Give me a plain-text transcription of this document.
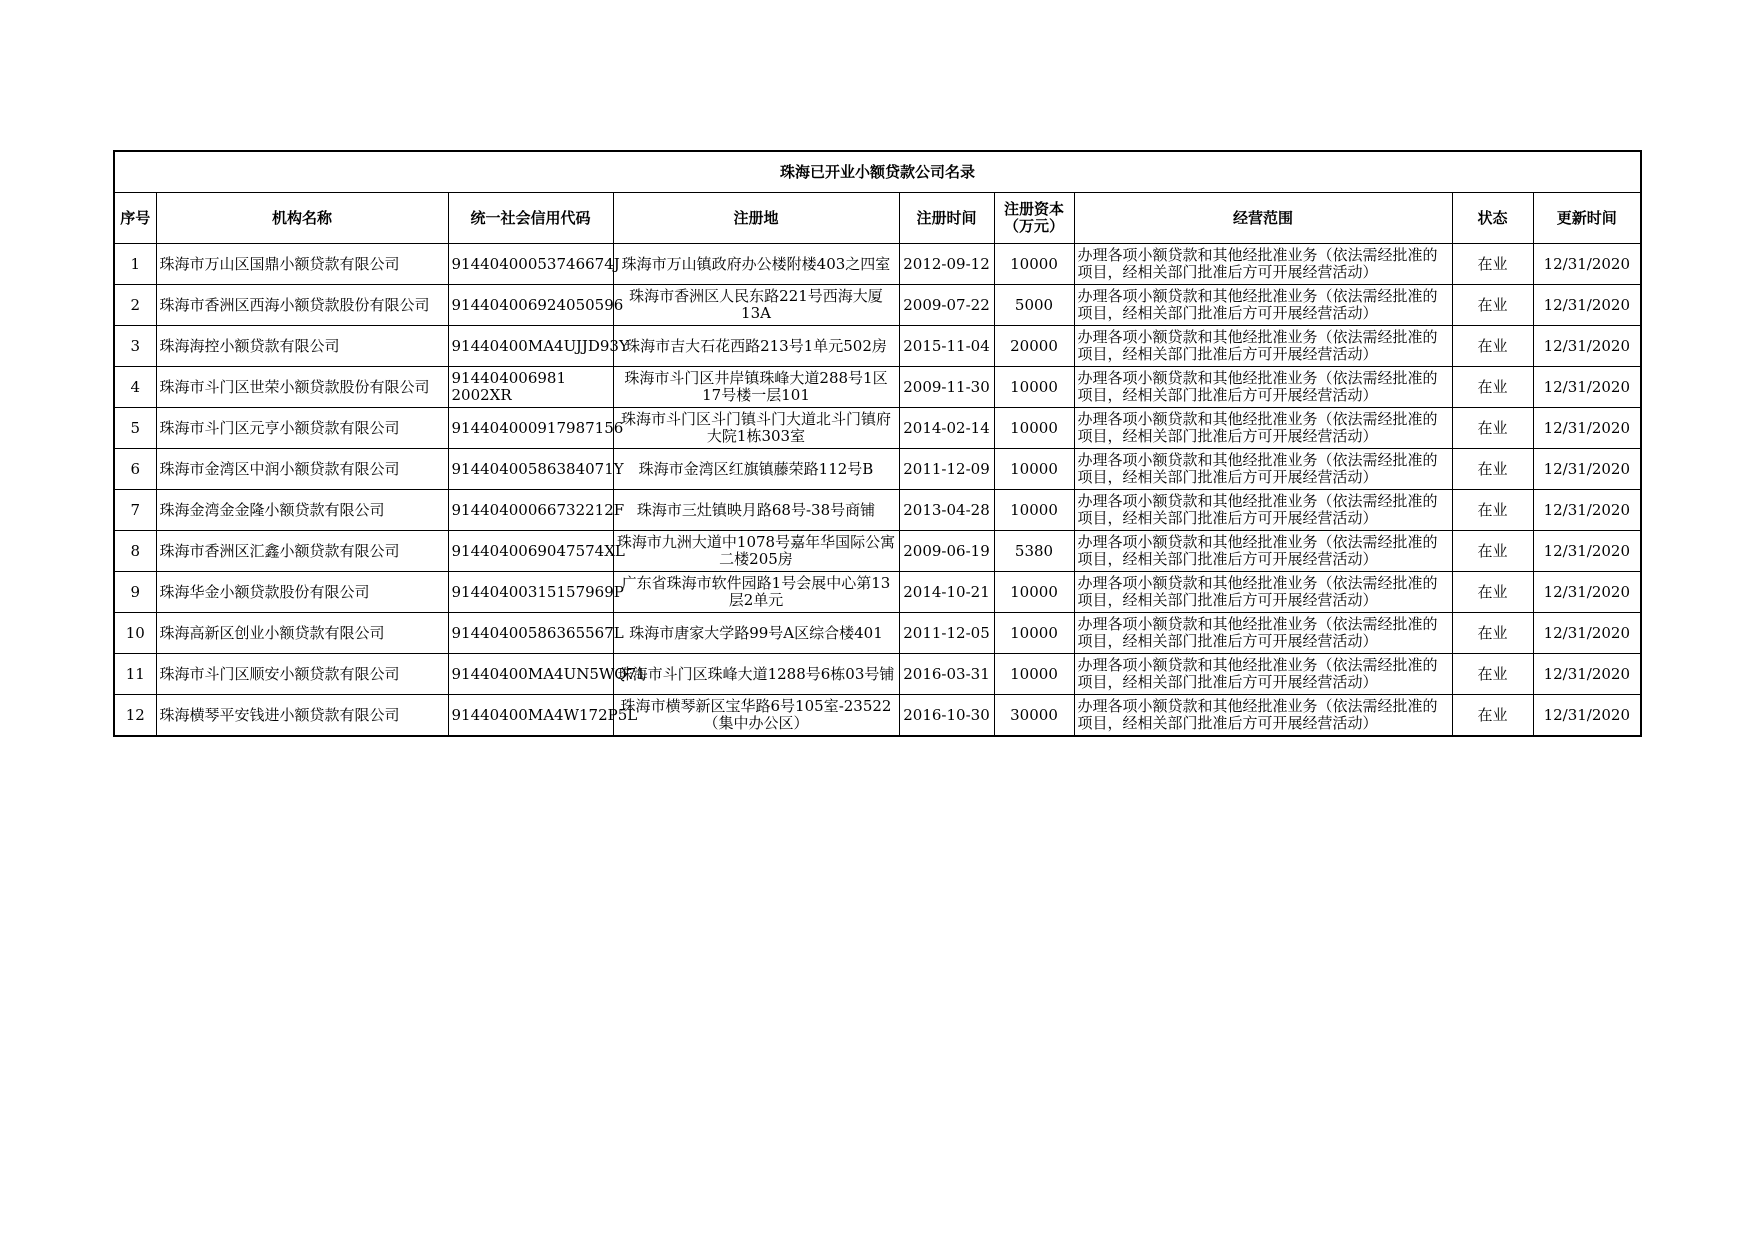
珠海已开业小额贷款公司名录								
序号	机构名称	统一社会信用代码	注册地	注册时间	注册资本（万元）	经营范围	状态	更新时间
1	珠海市万山区国鼎小额贷款有限公司	91440400053746674J	珠海市万山镇政府办公楼附楼403之四室	2012-09-12	10000	办理各项小额贷款和其他经批准业务（依法需经批准的项目，经相关部门批准后方可开展经营活动）	在业	12/31/2020
2	珠海市香洲区西海小额贷款股份有限公司	914404006924050596	珠海市香洲区人民东路221号西海大厦13A	2009-07-22	5000	办理各项小额贷款和其他经批准业务（依法需经批准的项目，经相关部门批准后方可开展经营活动）	在业	12/31/2020
3	珠海海控小额贷款有限公司	91440400MA4UJJD93Y	珠海市吉大石花西路213号1单元502房	2015-11-04	20000	办理各项小额贷款和其他经批准业务（依法需经批准的项目，经相关部门批准后方可开展经营活动）	在业	12/31/2020
4	珠海市斗门区世荣小额贷款股份有限公司	914404006981 2002XR	珠海市斗门区井岸镇珠峰大道288号1区17号楼一层101	2009-11-30	10000	办理各项小额贷款和其他经批准业务（依法需经批准的项目，经相关部门批准后方可开展经营活动）	在业	12/31/2020
5	珠海市斗门区元亨小额贷款有限公司	914404000917987156	珠海市斗门区斗门镇斗门大道北斗门镇府大院1栋303室	2014-02-14	10000	办理各项小额贷款和其他经批准业务（依法需经批准的项目，经相关部门批准后方可开展经营活动）	在业	12/31/2020
6	珠海市金湾区中润小额贷款有限公司	91440400586384071Y	珠海市金湾区红旗镇藤荣路112号B	2011-12-09	10000	办理各项小额贷款和其他经批准业务（依法需经批准的项目，经相关部门批准后方可开展经营活动）	在业	12/31/2020
7	珠海金湾金金隆小额贷款有限公司	91440400066732212F	珠海市三灶镇映月路68号-38号商铺	2013-04-28	10000	办理各项小额贷款和其他经批准业务（依法需经批准的项目，经相关部门批准后方可开展经营活动）	在业	12/31/2020
8	珠海市香洲区汇鑫小额贷款有限公司	9144040069047574XL	珠海市九洲大道中1078号嘉年华国际公寓二楼205房	2009-06-19	5380	办理各项小额贷款和其他经批准业务（依法需经批准的项目，经相关部门批准后方可开展经营活动）	在业	12/31/2020
9	珠海华金小额贷款股份有限公司	91440400315157969P	广东省珠海市软件园路1号会展中心第13层2单元	2014-10-21	10000	办理各项小额贷款和其他经批准业务（依法需经批准的项目，经相关部门批准后方可开展经营活动）	在业	12/31/2020
10	珠海高新区创业小额贷款有限公司	91440400586365567L	珠海市唐家大学路99号A区综合楼401	2011-12-05	10000	办理各项小额贷款和其他经批准业务（依法需经批准的项目，经相关部门批准后方可开展经营活动）	在业	12/31/2020
11	珠海市斗门区顺安小额贷款有限公司	91440400MA4UN5WQ71	珠海市斗门区珠峰大道1288号6栋03号铺	2016-03-31	10000	办理各项小额贷款和其他经批准业务（依法需经批准的项目，经相关部门批准后方可开展经营活动）	在业	12/31/2020
12	珠海横琴平安钱进小额贷款有限公司	91440400MA4W172P5L	珠海市横琴新区宝华路6号105室-23522（集中办公区）	2016-10-30	30000	办理各项小额贷款和其他经批准业务（依法需经批准的项目，经相关部门批准后方可开展经营活动）	在业	12/31/2020
